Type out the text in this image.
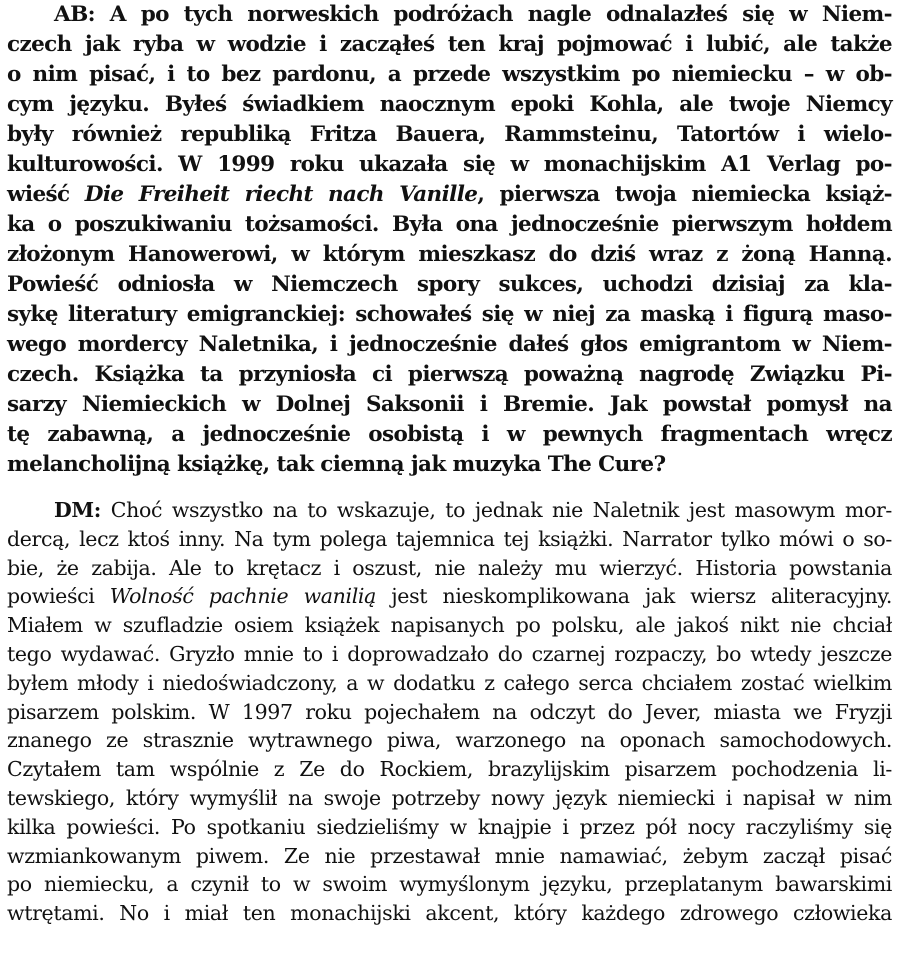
AB: A po tych norweskich podróżach nagle odnalazłeś się w Niem-
czech jak ryba w wodzie i zacząłeś ten kraj pojmować i lubić, ale także
o nim pisać, i to bez pardonu, a przede wszystkim po niemiecku – w ob-
cym języku. Byłeś świadkiem naocznym epoki Kohla, ale twoje Niemcy
były również republiką Fritza Bauera, Rammsteinu, Tatortów i wielo-
kulturowości. W 1999 roku ukazała się w monachijskim A1 Verlag po-
wieść Die Freiheit riecht nach Vanille, pierwsza twoja niemiecka książ-
ka o poszukiwaniu tożsamości. Była ona jednocześnie pierwszym hołdem
złożonym Hanowerowi, w którym mieszkasz do dziś wraz z żoną Hanną.
Powieść odniosła w Niemczech spory sukces, uchodzi dzisiaj za kla-
sykę literatury emigranckiej: schowałeś się w niej za maską i figurą maso-
wego mordercy Naletnika, i jednocześnie dałeś głos emigrantom w Niem-
czech. Książka ta przyniosła ci pierwszą poważną nagrodę Związku Pi-
sarzy Niemieckich w Dolnej Saksonii i Bremie. Jak powstał pomysł na
tę zabawną, a jednocześnie osobistą i w pewnych fragmentach wręcz
melancholijną książkę, tak ciemną jak muzyka The Cure?
DM: Choć wszystko na to wskazuje, to jednak nie Naletnik jest masowym mor-
dercą, lecz ktoś inny. Na tym polega tajemnica tej książki. Narrator tylko mówi o so-
bie, że zabija. Ale to krętacz i oszust, nie należy mu wierzyć. Historia powstania
powieści Wolność pachnie wanilią jest nieskomplikowana jak wiersz aliteracyjny.
Miałem w szufladzie osiem książek napisanych po polsku, ale jakoś nikt nie chciał
tego wydawać. Gryzło mnie to i doprowadzało do czarnej rozpaczy, bo wtedy jeszcze
byłem młody i niedoświadczony, a w dodatku z całego serca chciałem zostać wielkim
pisarzem polskim. W 1997 roku pojechałem na odczyt do Jever, miasta we Fryzji
znanego ze strasznie wytrawnego piwa, warzonego na oponach samochodowych.
Czytałem tam wspólnie z Ze do Rockiem, brazylijskim pisarzem pochodzenia li-
tewskiego, który wymyślił na swoje potrzeby nowy język niemiecki i napisał w nim
kilka powieści. Po spotkaniu siedzieliśmy w knajpie i przez pół nocy raczyliśmy się
wzmiankowanym piwem. Ze nie przestawał mnie namawiać, żebym zaczął pisać
po niemiecku, a czynił to w swoim wymyślonym języku, przeplatanym bawarskimi
wtrętami. No i miał ten monachijski akcent, który każdego zdrowego człowieka
